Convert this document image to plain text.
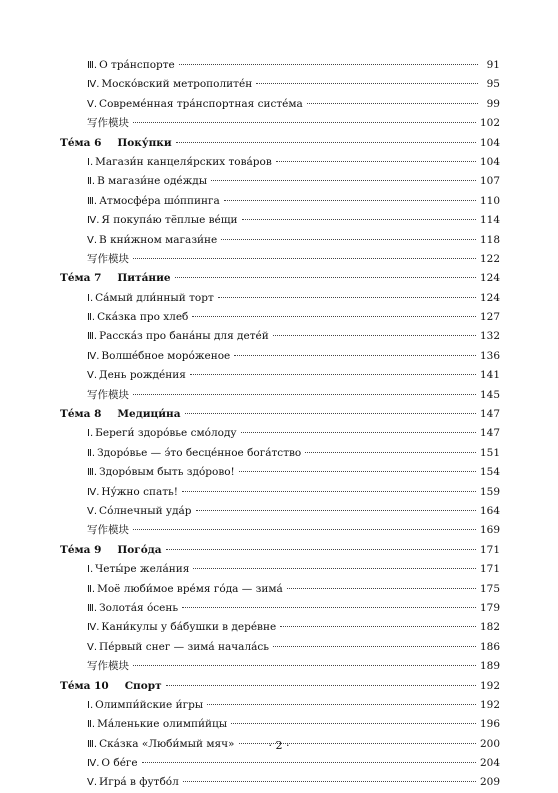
Ⅲ. О тра́нспорте	91
Ⅳ. Моско́вский метрополите́н	95
Ⅴ. Совреме́нная тра́нспортная систе́ма	99
写作模块	102
Те́ма 6 Поку́пки	104
Ⅰ. Магази́н канцеля́рских това́ров	104
Ⅱ. В магази́не оде́жды	107
Ⅲ. Атмосфе́ра шо́ппинга	110
Ⅳ. Я покупа́ю тёплые ве́щи	114
Ⅴ. В кни́жном магази́не	118
写作模块	122
Те́ма 7 Пита́ние	124
Ⅰ. Са́мый дли́нный торт	124
Ⅱ. Ска́зка про хлеб	127
Ⅲ. Расска́з про бана́ны для дете́й	132
Ⅳ. Волше́бное моро́женое	136
Ⅴ. День рожде́ния	141
写作模块	145
Те́ма 8 Медици́на	147
Ⅰ. Береги́ здоро́вье смо́лоду	147
Ⅱ. Здоро́вье — э́то бесце́нное бога́тство	151
Ⅲ. Здоро́вым быть здо́рово!	154
Ⅳ. Ну́жно спать!	159
Ⅴ. Со́лнечный уда́р	164
写作模块	169
Те́ма 9 Пого́да	171
Ⅰ. Четы́ре жела́ния	171
Ⅱ. Моё люби́мое вре́мя го́да — зима́	175
Ⅲ. Золота́я о́сень	179
Ⅳ. Кани́кулы у ба́бушки в дере́вне	182
Ⅴ. Пе́рвый снег — зима́ начала́сь	186
写作模块	189
Те́ма 10 Спорт	192
Ⅰ. Олимпи́йские и́гры	192
Ⅱ. Ма́ленькие олимпи́йцы	196
Ⅲ. Ска́зка «Люби́мый мяч»	200
Ⅳ. О бе́ге	204
Ⅴ. Игра́ в футбо́л	209
· 2 ·
